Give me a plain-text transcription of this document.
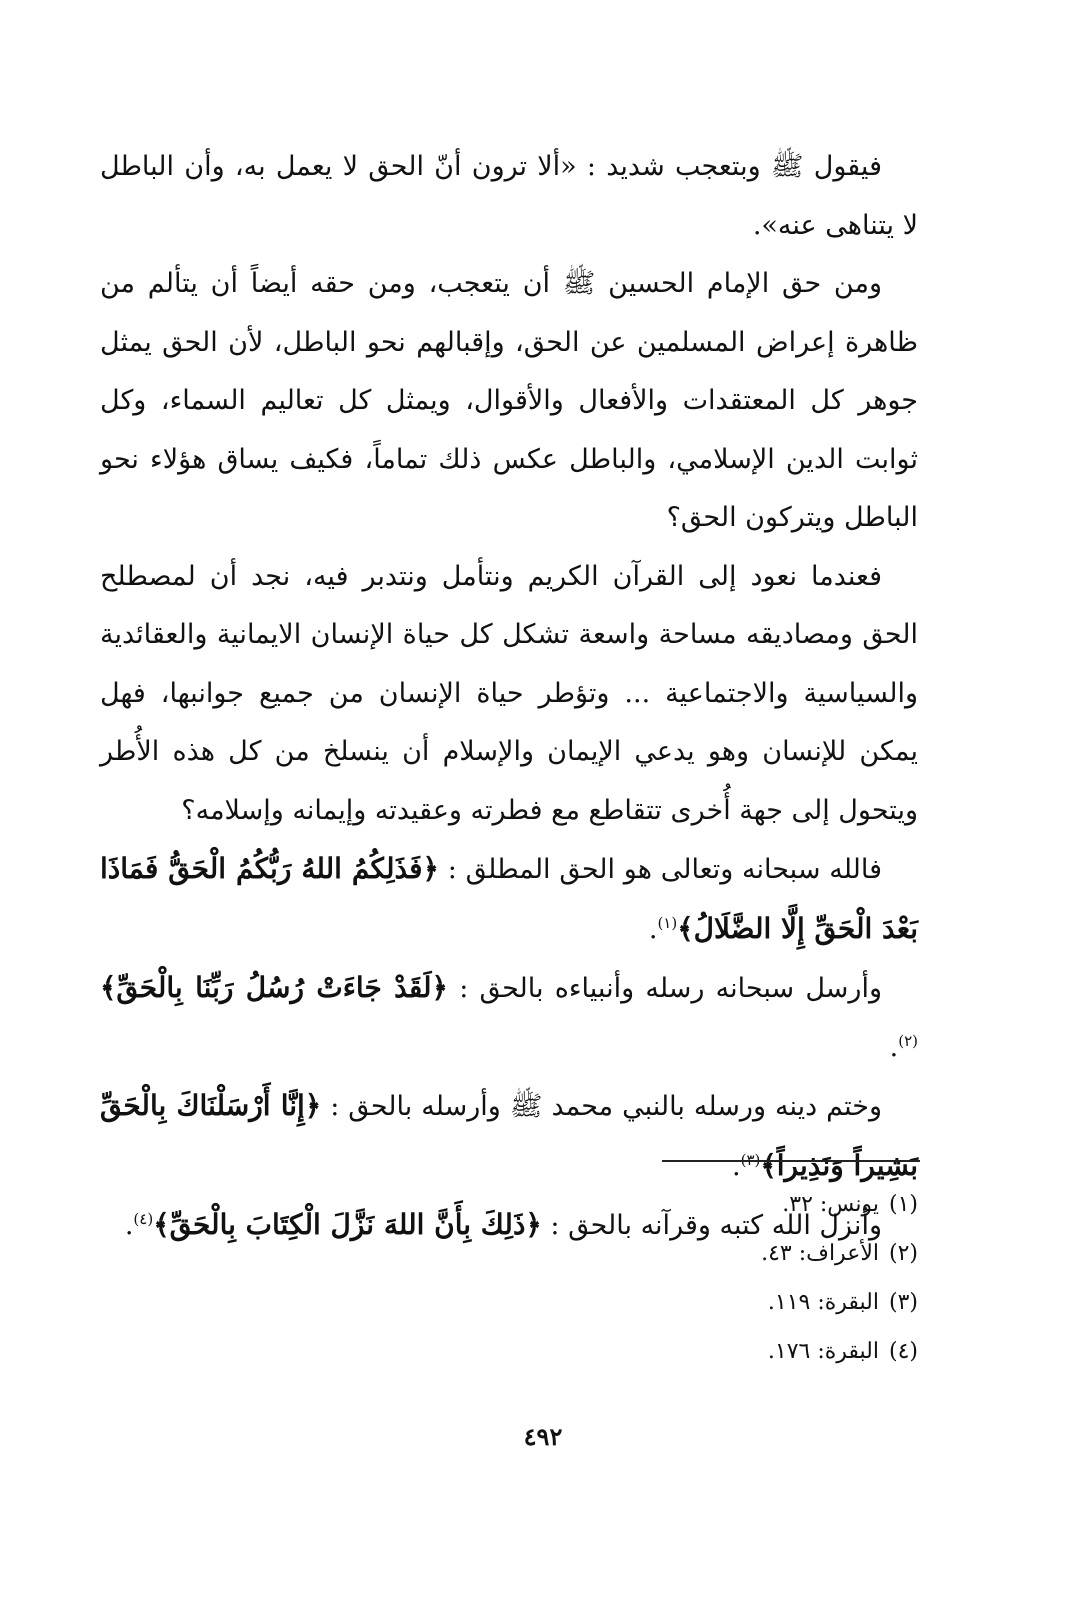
فيقول ﷺ وبتعجب شديد : «ألا ترون أنّ الحق لا يعمل به، وأن الباطل لا يتناهى عنه».

ومن حق الإمام الحسين ﷺ أن يتعجب، ومن حقه أيضاً أن يتألم من ظاهرة إعراض المسلمين عن الحق، وإقبالهم نحو الباطل، لأن الحق يمثل جوهر كل المعتقدات والأفعال والأقوال، ويمثل كل تعاليم السماء، وكل ثوابت الدين الإسلامي، والباطل عكس ذلك تماماً، فكيف يساق هؤلاء نحو الباطل ويتركون الحق؟

فعندما نعود إلى القرآن الكريم ونتأمل ونتدبر فيه، نجد أن لمصطلح الحق ومصاديقه مساحة واسعة تشكل كل حياة الإنسان الايمانية والعقائدية والسياسية والاجتماعية ... وتؤطر حياة الإنسان من جميع جوانبها، فهل يمكن للإنسان وهو يدعي الإيمان والإسلام أن ينسلخ من كل هذه الأُطر ويتحول إلى جهة أُخرى تتقاطع مع فطرته وعقيدته وإيمانه وإسلامه؟

فالله سبحانه وتعالى هو الحق المطلق : ﴿فَذَلِكُمُ اللهُ رَبُّكُمُ الْحَقُّ فَمَاذَا بَعْدَ الْحَقِّ إِلَّا الضَّلَالُ﴾$^{(١)}$.

وأرسل سبحانه رسله وأنبياءه بالحق : ﴿لَقَدْ جَاءَتْ رُسُلُ رَبِّنَا بِالْحَقِّ﴾$^{(٢)}$.

وختم دينه ورسله بالنبي محمد ﷺ وأرسله بالحق : ﴿إِنَّا أَرْسَلْنَاكَ بِالْحَقِّ بَشِيراً وَنَذِيراً﴾$^{(٣)}$.

وأنزل الله كتبه وقرآنه بالحق : ﴿ذَلِكَ بِأَنَّ اللهَ نَزَّلَ الْكِتَابَ بِالْحَقِّ﴾$^{(٤)}$.

(١)يونس: ٣٢.

(٢)الأعراف: ٤٣.

(٣)البقرة: ١١٩.

(٤)البقرة: ١٧٦.

٤٩٢
